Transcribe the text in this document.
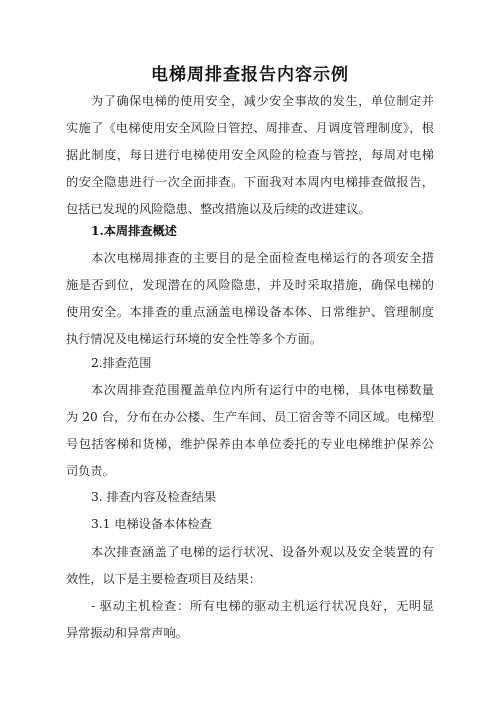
电梯周排查报告内容示例
为了确保电梯的使用安全，减少安全事故的发生，单位制定并
实施了《电梯使用安全风险日管控、周排查、月调度管理制度》，根
据此制度，每日进行电梯使用安全风险的检查与管控，每周对电梯
的安全隐患进行一次全面排查。下面我对本周内电梯排查做报告，
包括已发现的风险隐患、整改措施以及后续的改进建议。
1.本周排查概述
本次电梯周排查的主要目的是全面检查电梯运行的各项安全措
施是否到位，发现潜在的风险隐患，并及时采取措施，确保电梯的
使用安全。本排查的重点涵盖电梯设备本体、日常维护、管理制度
执行情况及电梯运行环境的安全性等多个方面。
2.排查范围
本次周排查范围覆盖单位内所有运行中的电梯，具体电梯数量
为 20 台，分布在办公楼、生产车间、员工宿舍等不同区域。电梯型
号包括客梯和货梯，维护保养由本单位委托的专业电梯维护保养公
司负责。
3. 排查内容及检查结果
3.1 电梯设备本体检查
本次排查涵盖了电梯的运行状况、设备外观以及安全装置的有
效性，以下是主要检查项目及结果：
- 驱动主机检查：所有电梯的驱动主机运行状况良好，无明显
异常振动和异常声响。
